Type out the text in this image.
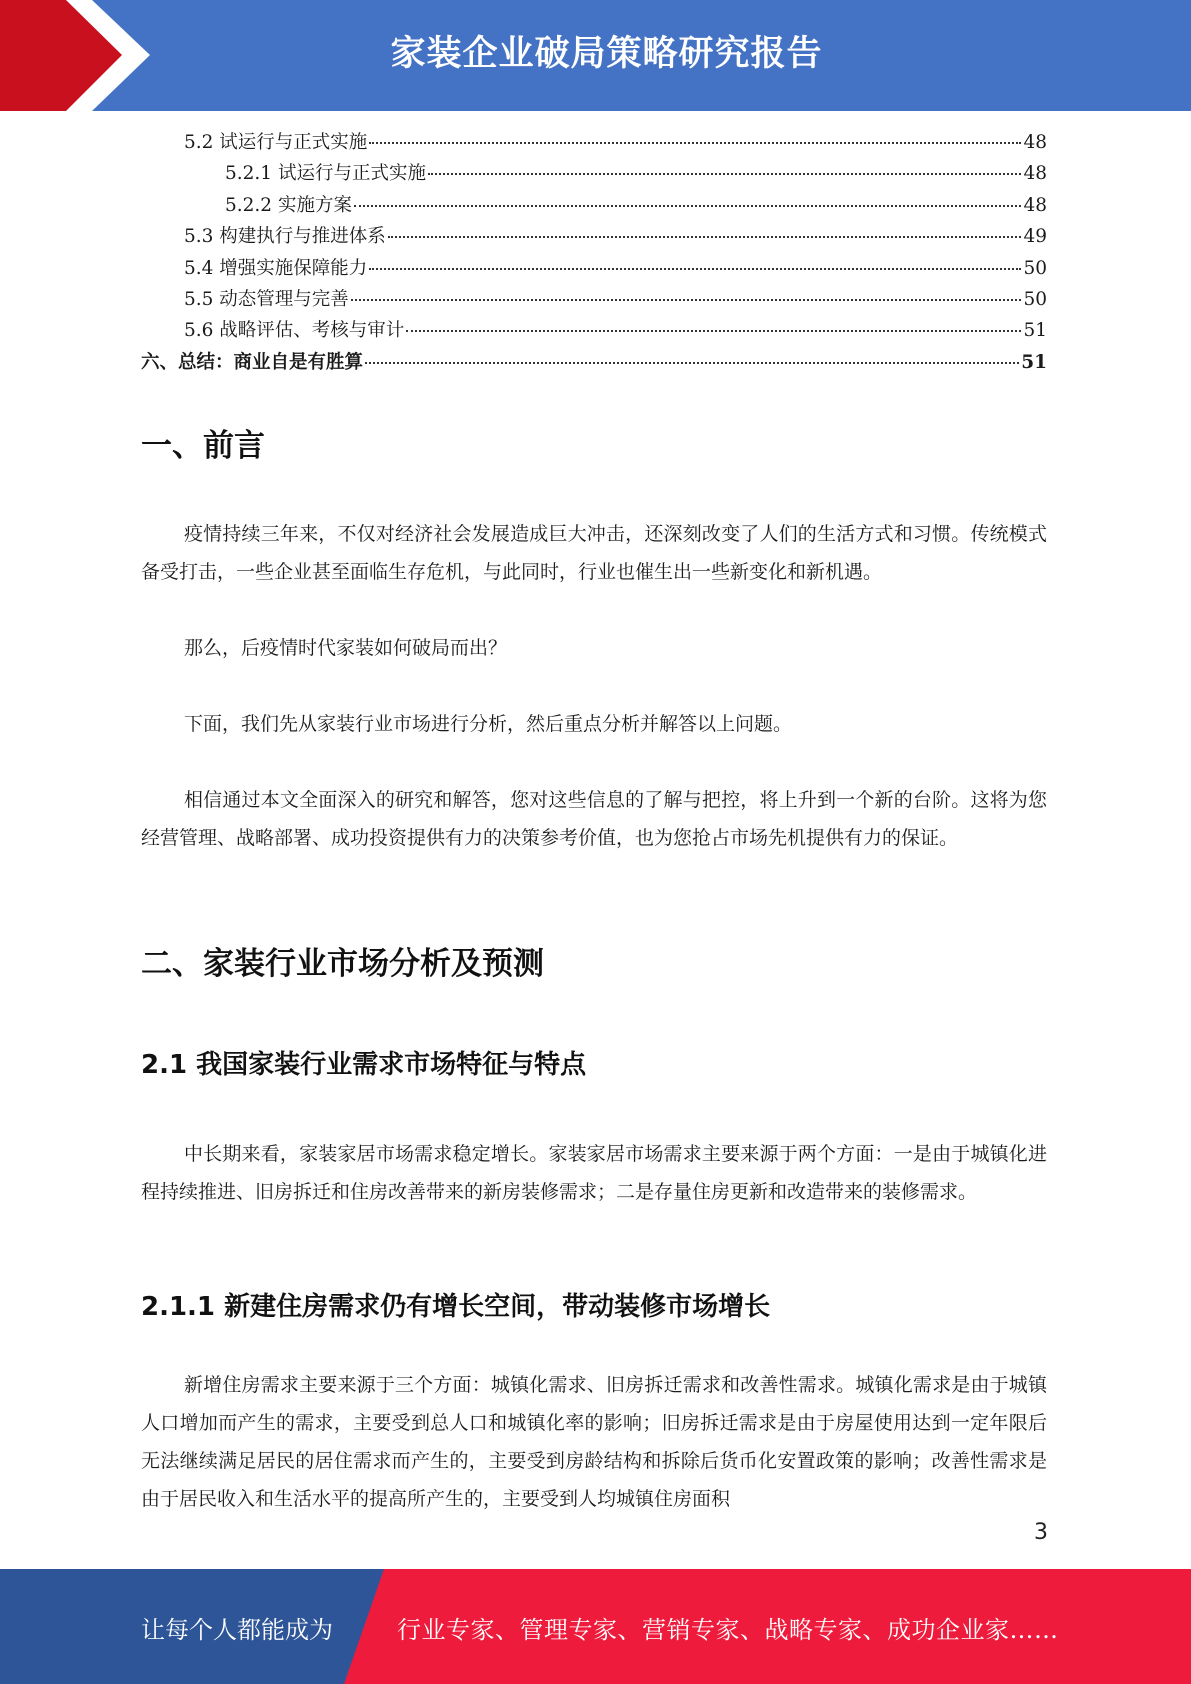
家装企业破局策略研究报告
5.2 试运行与正式实施	48
5.2.1 试运行与正式实施	48
5.2.2 实施方案	48
5.3 构建执行与推进体系	49
5.4 增强实施保障能力	50
5.5 动态管理与完善	50
5.6 战略评估、考核与审计	51
六、总结：商业自是有胜算	51
一、前言
疫情持续三年来，不仅对经济社会发展造成巨大冲击，还深刻改变了人们的生活方式和习惯。传统模式备受打击，一些企业甚至面临生存危机，与此同时，行业也催生出一些新变化和新机遇。
那么，后疫情时代家装如何破局而出？
下面，我们先从家装行业市场进行分析，然后重点分析并解答以上问题。
相信通过本文全面深入的研究和解答，您对这些信息的了解与把控，将上升到一个新的台阶。这将为您经营管理、战略部署、成功投资提供有力的决策参考价值，也为您抢占市场先机提供有力的保证。
二、家装行业市场分析及预测
2.1 我国家装行业需求市场特征与特点
中长期来看，家装家居市场需求稳定增长。家装家居市场需求主要来源于两个方面：一是由于城镇化进程持续推进、旧房拆迁和住房改善带来的新房装修需求；二是存量住房更新和改造带来的装修需求。
2.1.1 新建住房需求仍有增长空间，带动装修市场增长
新增住房需求主要来源于三个方面：城镇化需求、旧房拆迁需求和改善性需求。城镇化需求是由于城镇人口增加而产生的需求，主要受到总人口和城镇化率的影响；旧房拆迁需求是由于房屋使用达到一定年限后无法继续满足居民的居住需求而产生的，主要受到房龄结构和拆除后货币化安置政策的影响；改善性需求是由于居民收入和生活水平的提高所产生的，主要受到人均城镇住房面积
3
让每个人都能成为	行业专家、管理专家、营销专家、战略专家、成功企业家……
